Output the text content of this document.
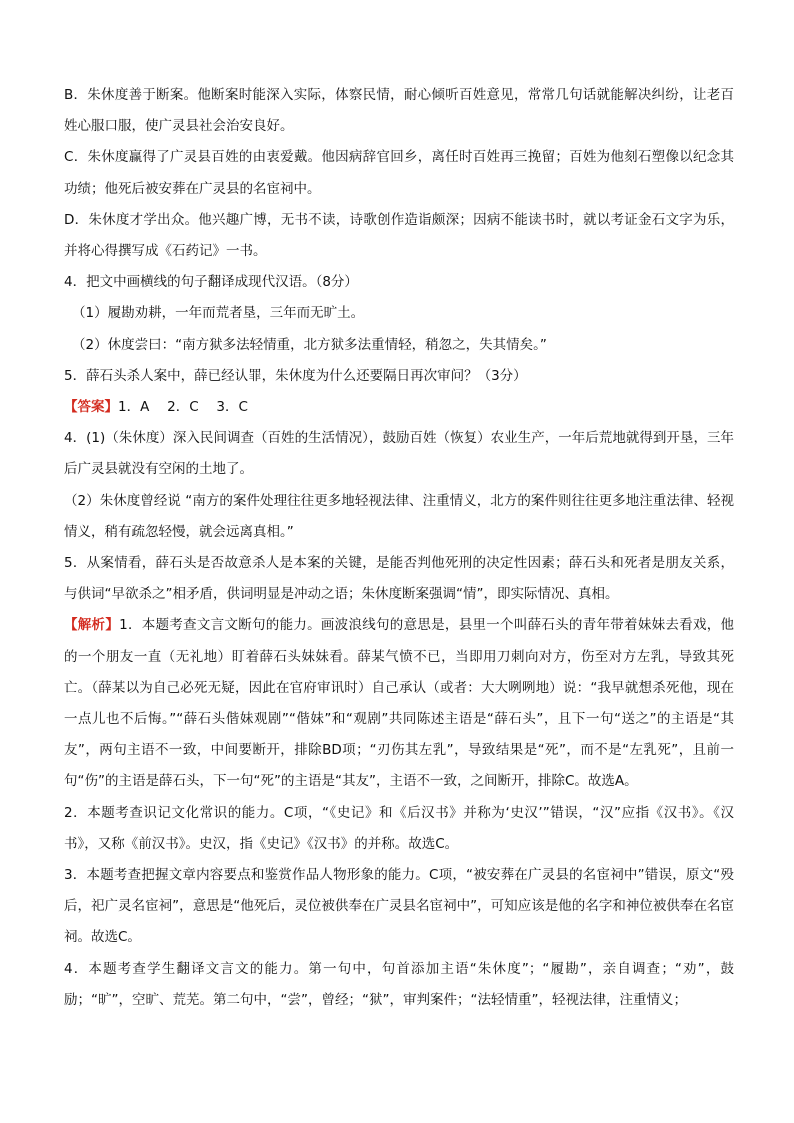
B．朱休度善于断案。他断案时能深入实际，体察民情，耐心倾听百姓意见，常常几句话就能解决纠纷，让老百姓心服口服，使广灵县社会治安良好。

C．朱休度赢得了广灵县百姓的由衷爱戴。他因病辞官回乡，离任时百姓再三挽留；百姓为他刻石塑像以纪念其功绩；他死后被安葬在广灵县的名宦祠中。

D．朱休度才学出众。他兴趣广博，无书不读，诗歌创作造诣颇深；因病不能读书时，就以考证金石文字为乐，并将心得撰写成《石药记》一书。

4．把文中画横线的句子翻译成现代汉语。（8分）

（1）履勘劝耕，一年而荒者垦，三年而无旷土。

（2）休度尝曰：“南方狱多法轻情重，北方狱多法重情轻，稍忽之，失其情矣。”

5．薛石头杀人案中，薛已经认罪，朱休度为什么还要隔日再次审问？（3分）

【答案】1．A　 2．C　 3．C

4．(1)（朱休度）深入民间调查（百姓的生活情况），鼓励百姓（恢复）农业生产，一年后荒地就得到开垦，三年后广灵县就没有空闲的土地了。

（2）朱休度曾经说 “南方的案件处理往往更多地轻视法律、注重情义，北方的案件则往往更多地注重法律、轻视情义，稍有疏忽轻慢，就会远离真相。”

5．从案情看，薛石头是否故意杀人是本案的关键，是能否判他死刑的决定性因素；薛石头和死者是朋友关系，与供词“早欲杀之”相矛盾，供词明显是冲动之语；朱休度断案强调“情”，即实际情况、真相。

【解析】1．本题考查文言文断句的能力。画波浪线句的意思是，县里一个叫薛石头的青年带着妹妹去看戏，他的一个朋友一直（无礼地）盯着薛石头妹妹看。薛某气愤不已，当即用刀刺向对方，伤至对方左乳，导致其死亡。（薛某以为自己必死无疑，因此在官府审讯时）自己承认（或者：大大咧咧地）说：“我早就想杀死他，现在一点儿也不后悔。”“薛石头偕妹观剧”“偕妹”和“观剧”共同陈述主语是“薛石头”，且下一句“送之”的主语是“其友”，两句主语不一致，中间要断开，排除BD项；“刃伤其左乳”，导致结果是“死”，而不是“左乳死”，且前一句“伤”的主语是薛石头，下一句“死”的主语是“其友”，主语不一致，之间断开，排除C。故选A。

2．本题考查识记文化常识的能力。C项，“《史记》和《后汉书》并称为‘史汉’”错误，“汉”应指《汉书》。《汉书》，又称《前汉书》。史汉，指《史记》《汉书》的并称。故选C。

3．本题考查把握文章内容要点和鉴赏作品人物形象的能力。C项，“被安葬在广灵县的名宦祠中”错误，原文“殁后，祀广灵名宦祠”，意思是“他死后，灵位被供奉在广灵县名宦祠中”，可知应该是他的名字和神位被供奉在名宦祠。故选C。

4．本题考查学生翻译文言文的能力。第一句中，句首添加主语“朱休度”；“履勘”，亲自调查；“劝”，鼓励；“旷”，空旷、荒芜。第二句中，“尝”，曾经；“狱”，审判案件；“法轻情重”，轻视法律，注重情义；
